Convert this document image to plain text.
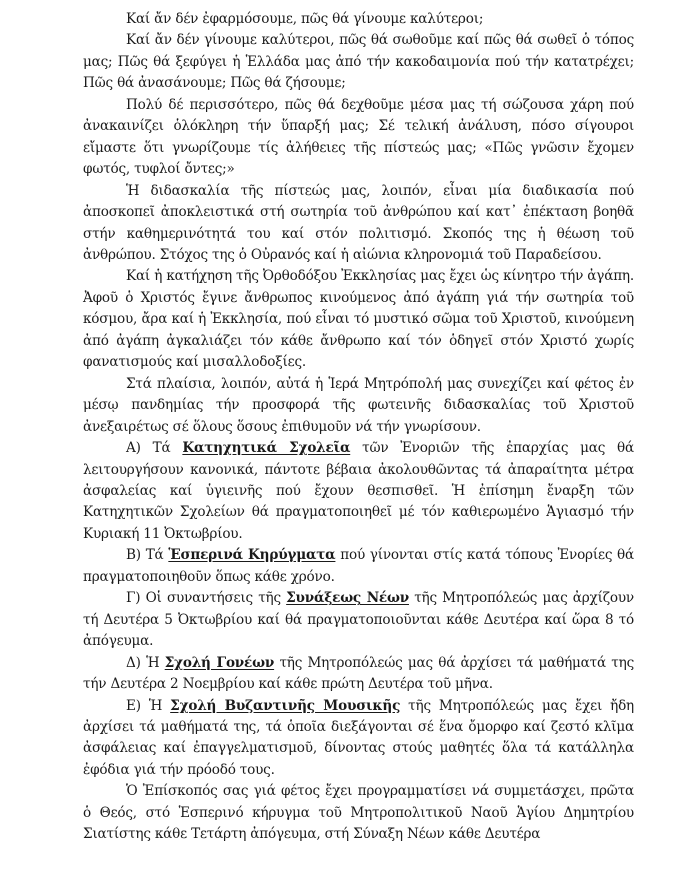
Καί ἄν δέν ἐφαρμόσουμε, πῶς θά γίνουμε καλύτεροι;

Καί ἄν δέν γίνουμε καλύτεροι, πῶς θά σωθοῦμε καί πῶς θά σωθεῖ ὁ τόπος μας; Πῶς θά ξεφύγει ἡ Ἑλλάδα μας ἀπό τήν κακοδαιμονία πού τήν κατατρέχει; Πῶς θά ἀνασάνουμε; Πῶς θά ζήσουμε;

Πολύ δέ περισσότερο, πῶς θά δεχθοῦμε μέσα μας τή σώζουσα χάρη πού ἀνακαινίζει ὁλόκληρη τήν ὕπαρξή μας; Σέ τελική ἀνάλυση, πόσο σίγουροι εἴμαστε ὅτι γνωρίζουμε τίς ἀλήθειες τῆς πίστεώς μας; «Πῶς γνῶσιν ἔχομεν φωτός, τυφλοί ὄντες;»

Ἡ διδασκαλία τῆς πίστεώς μας, λοιπόν, εἶναι μία διαδικασία πού ἀποσκοπεῖ ἀποκλειστικά στή σωτηρία τοῦ ἀνθρώπου καί κατ᾽ ἐπέκταση βοηθᾶ στήν καθημερινότητά του καί στόν πολιτισμό. Σκοπός της ἡ θέωση τοῦ ἀνθρώπου. Στόχος της ὁ Οὐρανός καί ἡ αἰώνια κληρονομιά τοῦ Παραδείσου.

Καί ἡ κατήχηση τῆς Ὀρθοδόξου Ἐκκλησίας μας ἔχει ὡς κίνητρο τήν ἀγάπη. Ἀφοῦ ὁ Χριστός ἔγινε ἄνθρωπος κινούμενος ἀπό ἀγάπη γιά τήν σωτηρία τοῦ κόσμου, ἄρα καί ἡ Ἐκκλησία, πού εἶναι τό μυστικό σῶμα τοῦ Χριστοῦ, κινούμενη ἀπό ἀγάπη ἀγκαλιάζει τόν κάθε ἄνθρωπο καί τόν ὁδηγεῖ στόν Χριστό χωρίς φανατισμούς καί μισαλλοδοξίες.

Στά πλαίσια, λοιπόν, αὐτά ἡ Ἱερά Μητρόπολή μας συνεχίζει καί φέτος ἐν μέσῳ πανδημίας τήν προσφορά τῆς φωτεινῆς διδασκαλίας τοῦ Χριστοῦ ἀνεξαιρέτως σέ ὅλους ὅσους ἐπιθυμοῦν νά τήν γνωρίσουν.

Α) Τά Κατηχητικά Σχολεῖα τῶν Ἐνοριῶν τῆς ἐπαρχίας μας θά λειτουργήσουν κανονικά, πάντοτε βέβαια ἀκολουθῶντας τά ἀπαραίτητα μέτρα ἀσφαλείας καί ὑγιεινῆς πού ἔχουν θεσπισθεῖ. Ἡ ἐπίσημη ἔναρξη τῶν Κατηχητικῶν Σχολείων θά πραγματοποιηθεῖ μέ τόν καθιερωμένο Ἁγιασμό τήν Κυριακή 11 Ὀκτωβρίου.

Β) Τά Ἑσπερινά Κηρύγματα πού γίνονται στίς κατά τόπους Ἐνορίες θά πραγματοποιηθοῦν ὅπως κάθε χρόνο.

Γ) Οἱ συναντήσεις τῆς Συνάξεως Νέων τῆς Μητροπόλεώς μας ἀρχίζουν τή Δευτέρα 5 Ὀκτωβρίου καί θά πραγματοποιοῦνται κάθε Δευτέρα καί ὥρα 8 τό ἀπόγευμα.

Δ) Ἡ Σχολή Γονέων τῆς Μητροπόλεώς μας θά ἀρχίσει τά μαθήματά της τήν Δευτέρα 2 Νοεμβρίου καί κάθε πρώτη Δευτέρα τοῦ μῆνα.

Ε) Ἡ Σχολή Βυζαντινῆς Μουσικῆς τῆς Μητροπόλεώς μας ἔχει ἤδη ἀρχίσει τά μαθήματά της, τά ὁποῖα διεξάγονται σέ ἕνα ὄμορφο καί ζεστό κλῖμα ἀσφάλειας καί ἐπαγγελματισμοῦ, δίνοντας στούς μαθητές ὅλα τά κατάλληλα ἐφόδια γιά τήν πρόοδό τους.

Ὁ Ἐπίσκοπός σας γιά φέτος ἔχει προγραμματίσει νά συμμετάσχει, πρῶτα ὁ Θεός, στό Ἑσπερινό κήρυγμα τοῦ Μητροπολιτικοῦ Ναοῦ Ἁγίου Δημητρίου Σιατίστης κάθε Τετάρτη ἀπόγευμα, στή Σύναξη Νέων κάθε Δευτέρα
